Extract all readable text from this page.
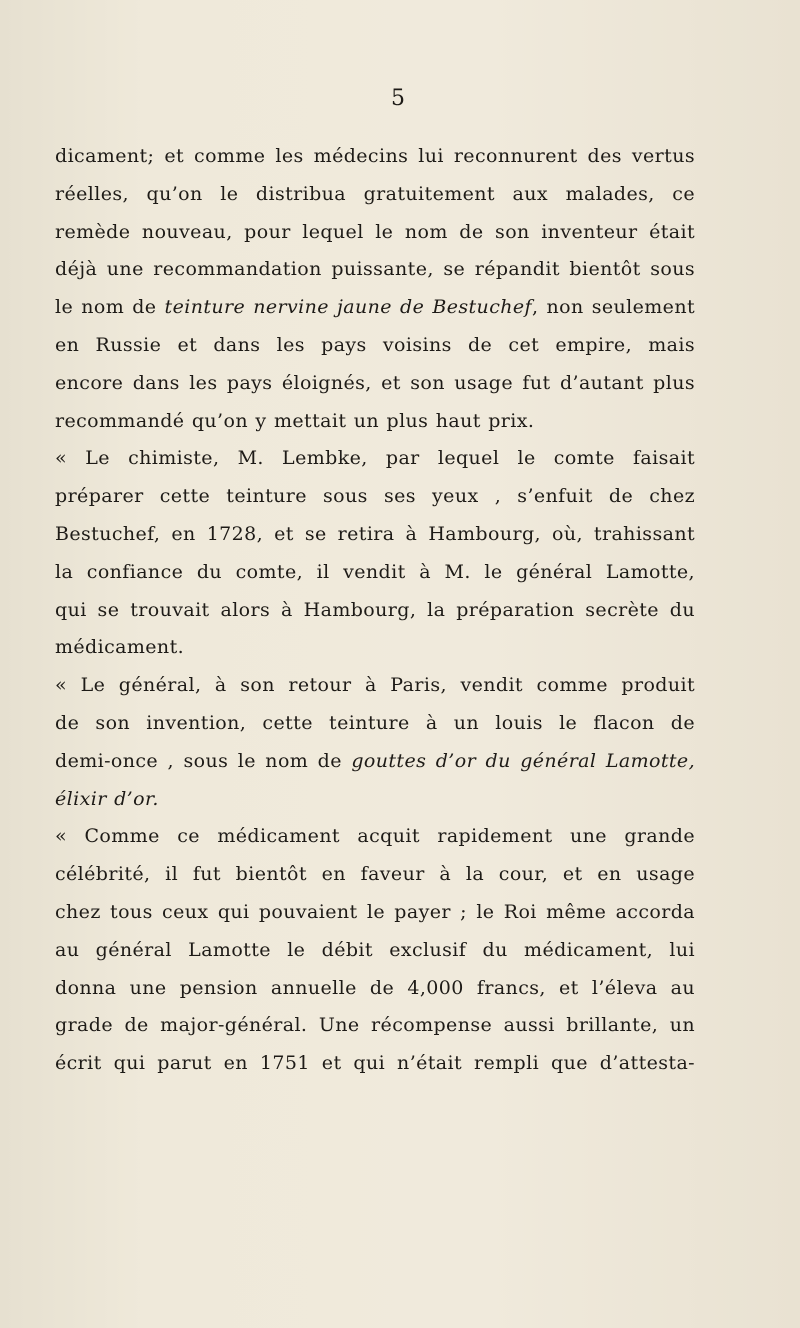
5
dicament; et comme les médecins lui reconnurent des vertus
réelles, qu’on le distribua gratuitement aux malades, ce
remède nouveau, pour lequel le nom de son inventeur était
déjà une recommandation puissante, se répandit bientôt sous
le nom de teinture nervine jaune de Bestuchef, non seulement
en Russie et dans les pays voisins de cet empire, mais
encore dans les pays éloignés, et son usage fut d’autant plus
recommandé qu’on y mettait un plus haut prix.
« Le chimiste, M. Lembke, par lequel le comte faisait
préparer cette teinture sous ses yeux , s’enfuit de chez
Bestuchef, en 1728, et se retira à Hambourg, où, trahissant
la confiance du comte, il vendit à M. le général Lamotte,
qui se trouvait alors à Hambourg, la préparation secrète du
médicament.
« Le général, à son retour à Paris, vendit comme produit
de son invention, cette teinture à un louis le flacon de
demi-once , sous le nom de gouttes d’or du général Lamotte,
élixir d’or.
« Comme ce médicament acquit rapidement une grande
célébrité, il fut bientôt en faveur à la cour, et en usage
chez tous ceux qui pouvaient le payer ; le Roi même accorda
au général Lamotte le débit exclusif du médicament, lui
donna une pension annuelle de 4,000 francs, et l’éleva au
grade de major-général. Une récompense aussi brillante, un
écrit qui parut en 1751 et qui n’était rempli que d’attesta-
